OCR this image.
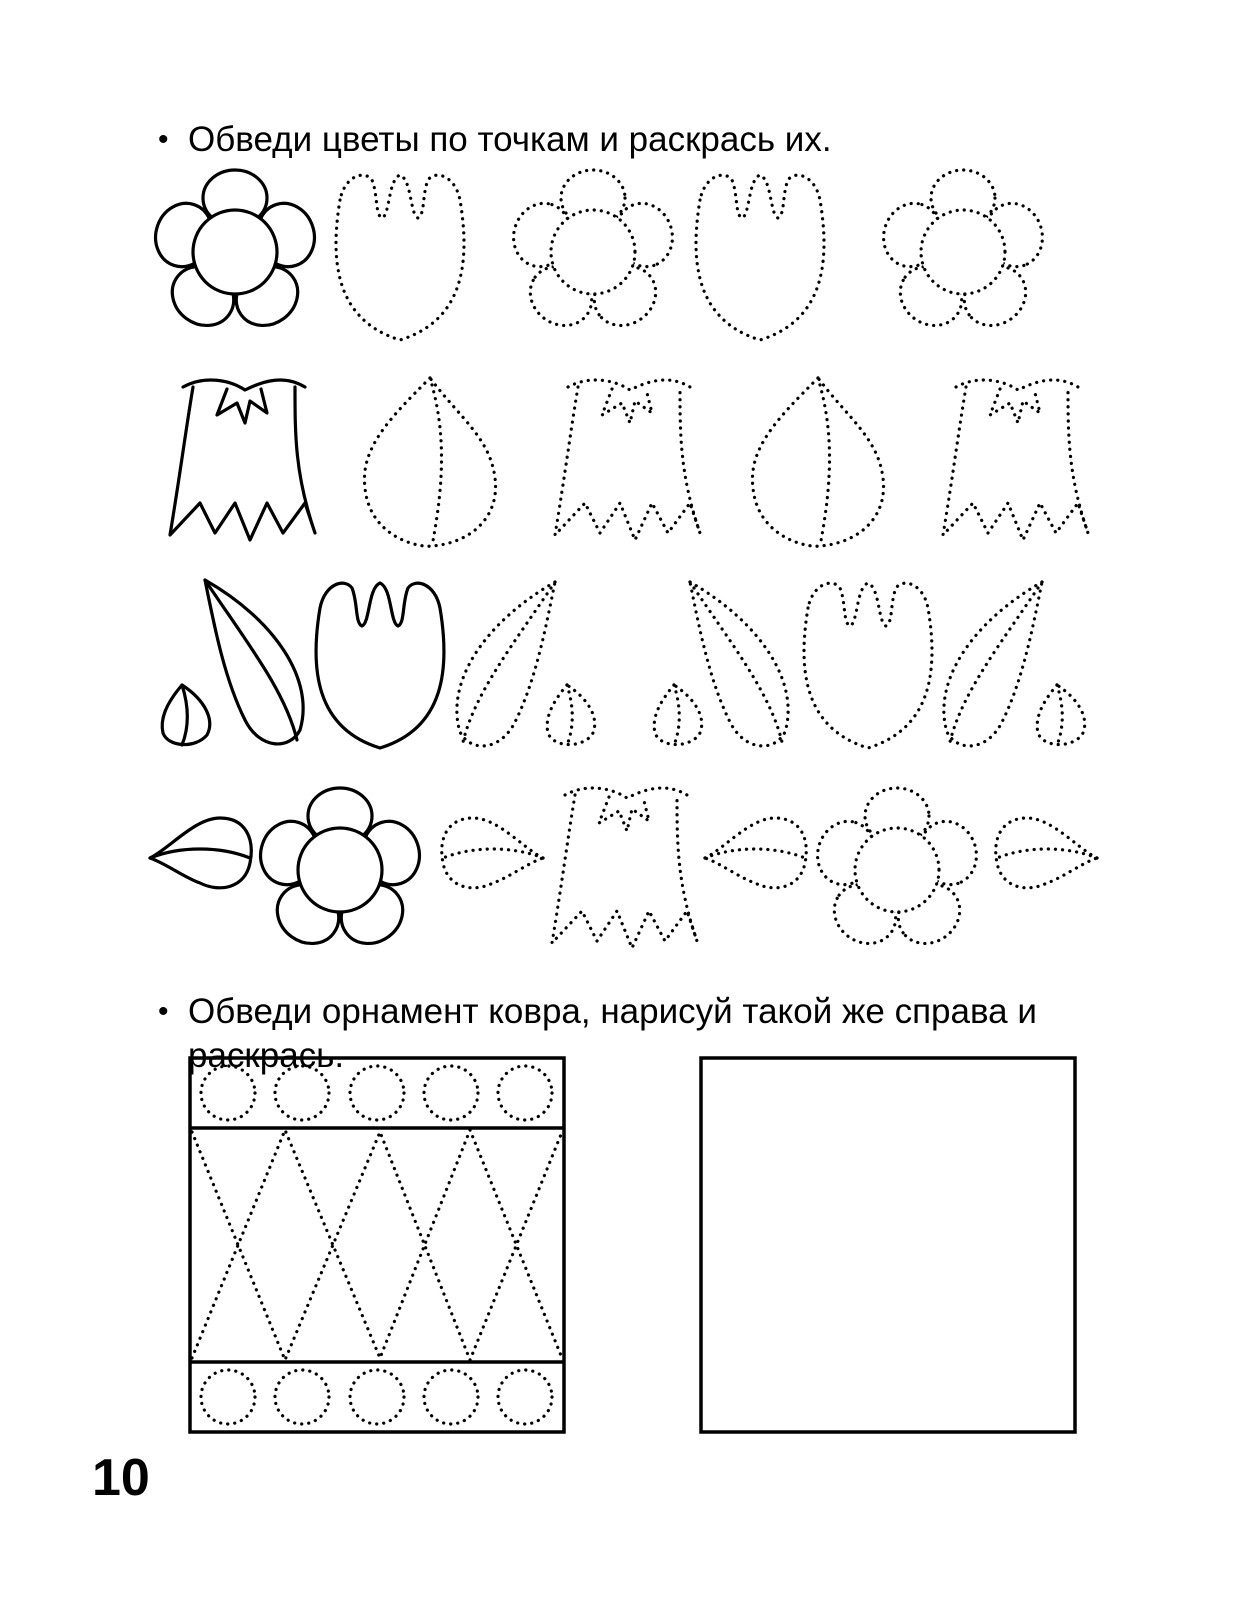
• Обведи цветы по точкам и раскрась их.
• Обведи орнамент ковра, нарисуй такой же справа и раскрась.
10
